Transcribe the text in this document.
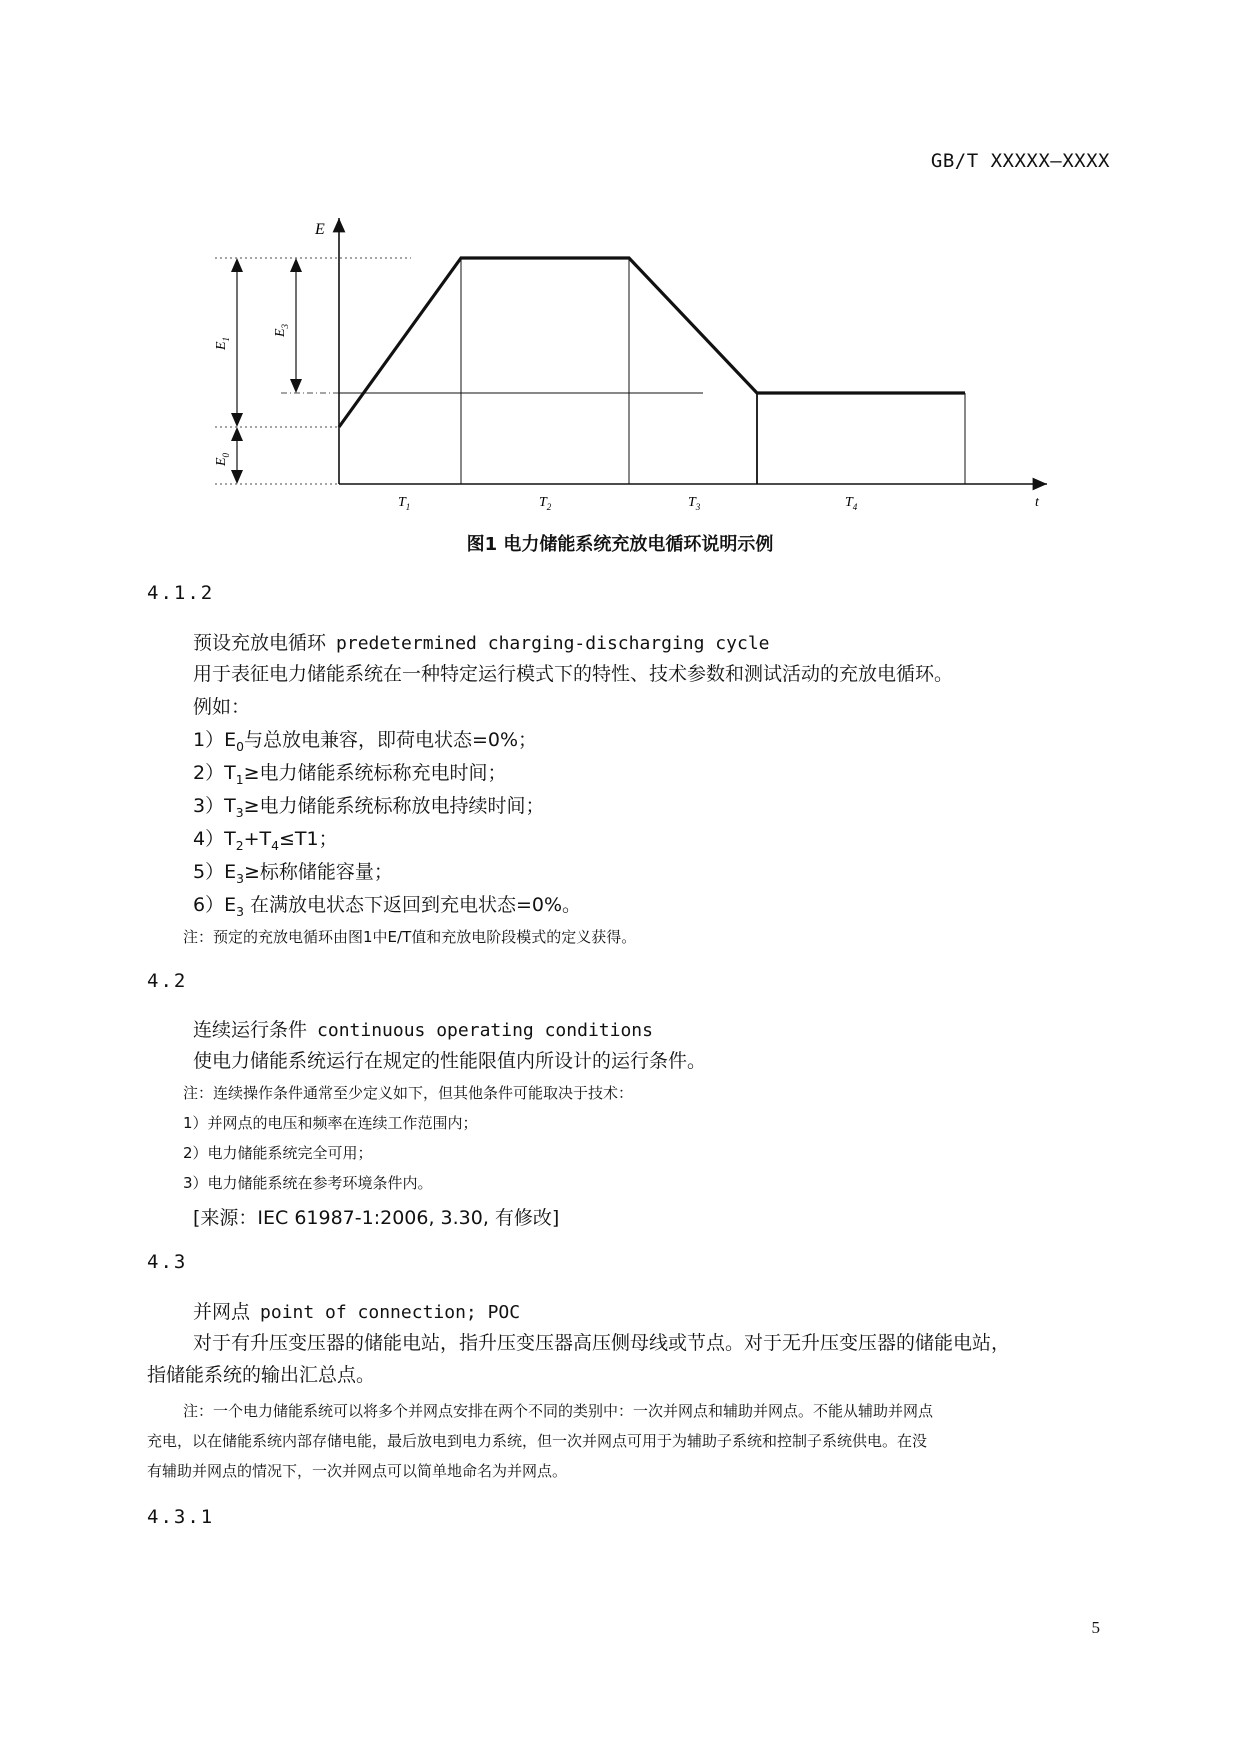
GB/T XXXXX—XXXX
E
t
$E_1$
$E_0$
$E_3$
$T_1$	$T_2$	$T_3$	$T_4$
图1 电力储能系统充放电循环说明示例
4.1.2
预设充放电循环 predetermined charging-discharging cycle
用于表征电力储能系统在一种特定运行模式下的特性、技术参数和测试活动的充放电循环。
例如：
$1)E_0$与总放电兼容，即荷电状态=0%；
$2)T_1\ge$电力储能系统标称充电时间；
$3)T_3\ge$电力储能系统标称放电持续时间；
$4)T_2+T_4\le T1$；
$5)E_3\ge$标称储能容量；
$6)E_3$ 在满放电状态下返回到充电状态=0%。
注：预定的充放电循环由图1中E/T值和充放电阶段模式的定义获得。
4.2
连续运行条件 continuous operating conditions
使电力储能系统运行在规定的性能限值内所设计的运行条件。
注：连续操作条件通常至少定义如下，但其他条件可能取决于技术：
1）并网点的电压和频率在连续工作范围内；
2）电力储能系统完全可用；
3）电力储能系统在参考环境条件内。
[来源：IEC 61987-1:2006, 3.30, 有修改]
4.3
并网点 point of connection; POC
对于有升压变压器的储能电站，指升压变压器高压侧母线或节点。对于无升压变压器的储能电站，
指储能系统的输出汇总点。
注：一个电力储能系统可以将多个并网点安排在两个不同的类别中：一次并网点和辅助并网点。不能从辅助并网点
充电，以在储能系统内部存储电能，最后放电到电力系统，但一次并网点可用于为辅助子系统和控制子系统供电。在没
有辅助并网点的情况下，一次并网点可以简单地命名为并网点。
4.3.1
5
